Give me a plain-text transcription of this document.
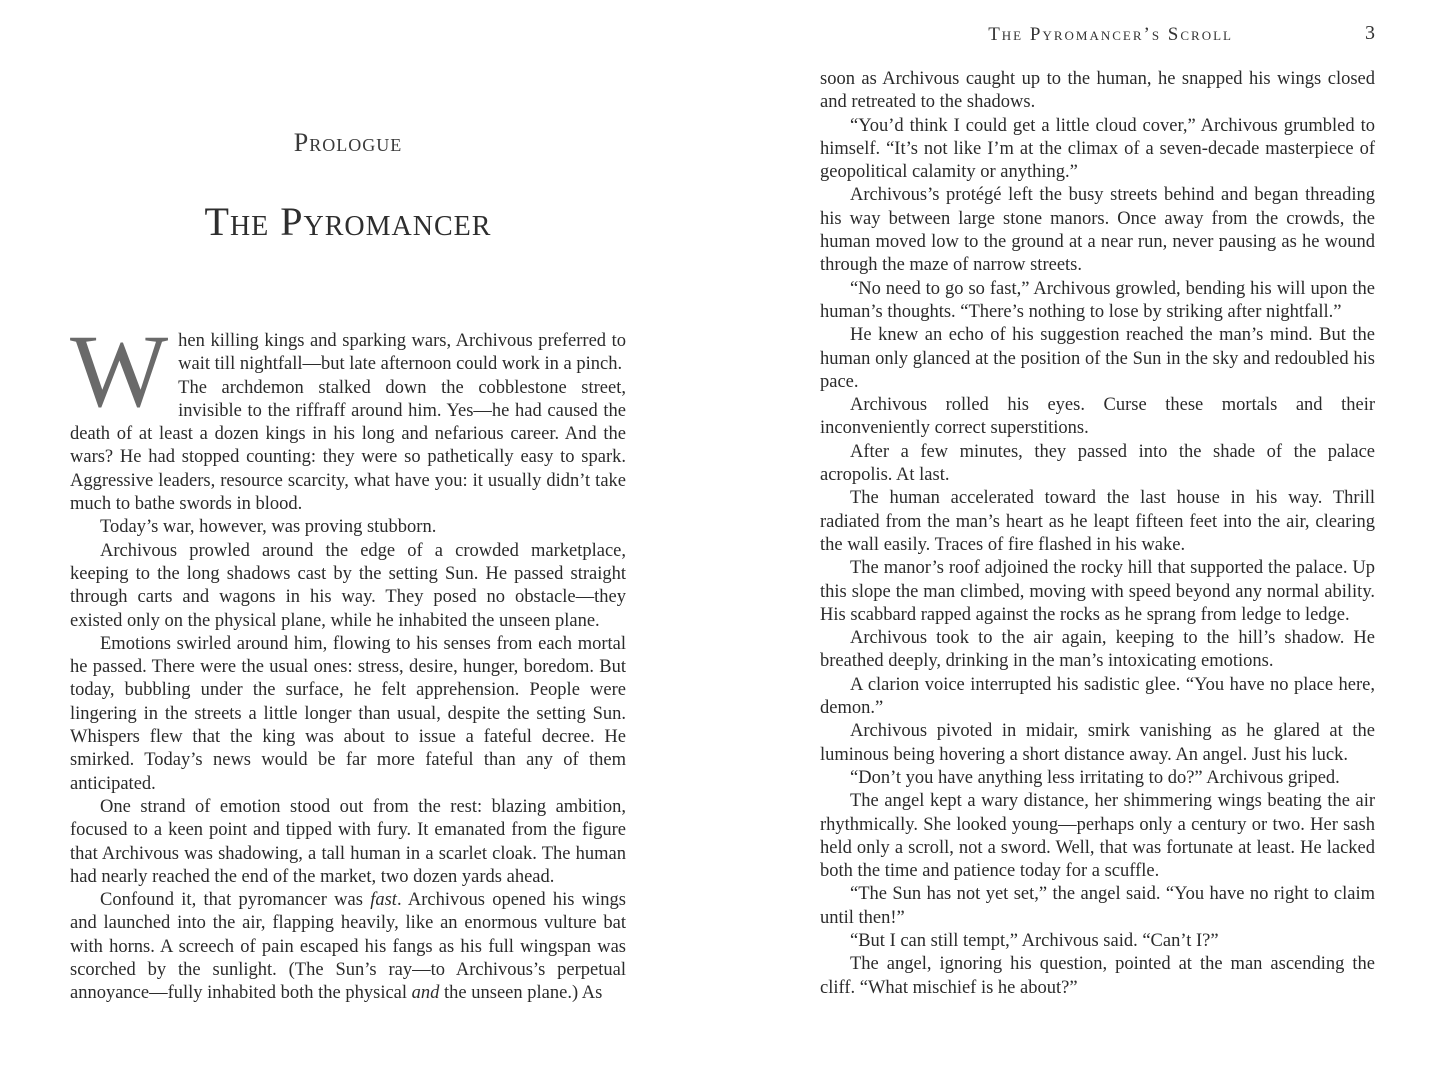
Prologue
The Pyromancer

When killing kings and sparking wars, Archivous preferred to wait till nightfall—but late afternoon could work in a pinch.

The archdemon stalked down the cobblestone street, invisible to the riffraff around him. Yes—he had caused the death of at least a dozen kings in his long and nefarious career. And the wars? He had stopped counting: they were so pathetically easy to spark. Aggressive leaders, resource scarcity, what have you: it usually didn’t take much to bathe swords in blood.

Today’s war, however, was proving stubborn.

Archivous prowled around the edge of a crowded marketplace, keeping to the long shadows cast by the setting Sun. He passed straight through carts and wagons in his way. They posed no obstacle—they existed only on the physical plane, while he inhabited the unseen plane.

Emotions swirled around him, flowing to his senses from each mortal he passed. There were the usual ones: stress, desire, hunger, boredom. But today, bubbling under the surface, he felt apprehension. People were lingering in the streets a little longer than usual, despite the setting Sun. Whispers flew that the king was about to issue a fateful decree. He smirked. Today’s news would be far more fateful than any of them anticipated.

One strand of emotion stood out from the rest: blazing ambition, focused to a keen point and tipped with fury. It emanated from the figure that Archivous was shadowing, a tall human in a scarlet cloak. The human had nearly reached the end of the market, two dozen yards ahead.

Confound it, that pyromancer was fast. Archivous opened his wings and launched into the air, flapping heavily, like an enormous vulture bat with horns. A screech of pain escaped his fangs as his full wingspan was scorched by the sunlight. (The Sun’s ray—to Archivous’s perpetual annoyance—fully inhabited both the physical and the unseen plane.) As

The Pyromancer’s Scroll	3

soon as Archivous caught up to the human, he snapped his wings closed and retreated to the shadows.

“You’d think I could get a little cloud cover,” Archivous grumbled to himself. “It’s not like I’m at the climax of a seven-decade masterpiece of geopolitical calamity or anything.”

Archivous’s protégé left the busy streets behind and began threading his way between large stone manors. Once away from the crowds, the human moved low to the ground at a near run, never pausing as he wound through the maze of narrow streets.

“No need to go so fast,” Archivous growled, bending his will upon the human’s thoughts. “There’s nothing to lose by striking after nightfall.”

He knew an echo of his suggestion reached the man’s mind. But the human only glanced at the position of the Sun in the sky and redoubled his pace.

Archivous rolled his eyes. Curse these mortals and their inconveniently correct superstitions.

After a few minutes, they passed into the shade of the palace acropolis. At last.

The human accelerated toward the last house in his way. Thrill radiated from the man’s heart as he leapt fifteen feet into the air, clearing the wall easily. Traces of fire flashed in his wake.

The manor’s roof adjoined the rocky hill that supported the palace. Up this slope the man climbed, moving with speed beyond any normal ability. His scabbard rapped against the rocks as he sprang from ledge to ledge.

Archivous took to the air again, keeping to the hill’s shadow. He breathed deeply, drinking in the man’s intoxicating emotions.

A clarion voice interrupted his sadistic glee. “You have no place here, demon.”

Archivous pivoted in midair, smirk vanishing as he glared at the luminous being hovering a short distance away. An angel. Just his luck.

“Don’t you have anything less irritating to do?” Archivous griped.

The angel kept a wary distance, her shimmering wings beating the air rhythmically. She looked young—perhaps only a century or two. Her sash held only a scroll, not a sword. Well, that was fortunate at least. He lacked both the time and patience today for a scuffle.

“The Sun has not yet set,” the angel said. “You have no right to claim until then!”

“But I can still tempt,” Archivous said. “Can’t I?”

The angel, ignoring his question, pointed at the man ascending the cliff. “What mischief is he about?”
